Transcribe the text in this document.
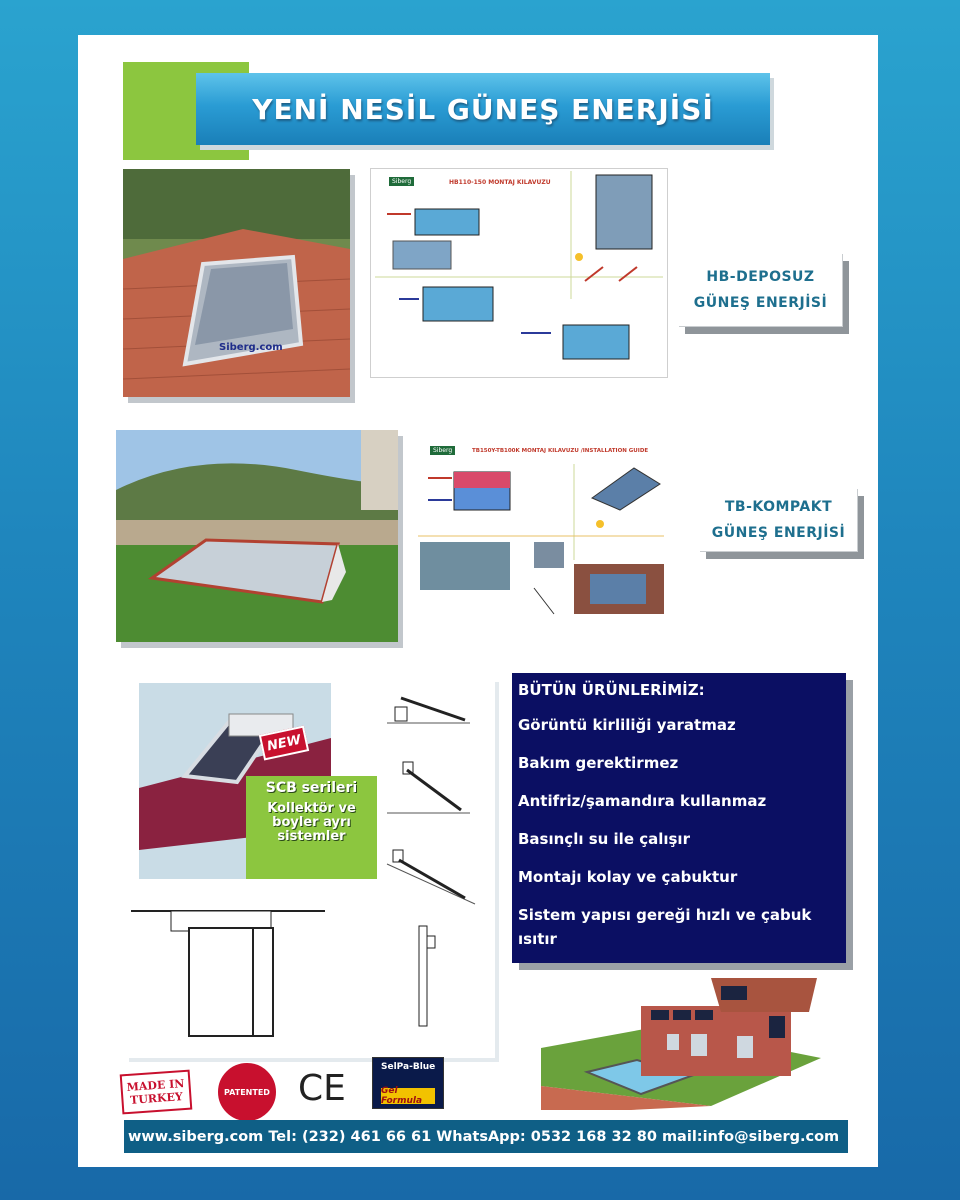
YENİ NESİL GÜNEŞ ENERJİSİ
Siberg.com
Siberg	HB110-150 MONTAJ KILAVUZU
HB-DEPOSUZ
GÜNEŞ ENERJİSİ
Siberg	TB150Y-TB100K MONTAJ KILAVUZU /INSTALLATION GUIDE
TB-KOMPAKT
GÜNEŞ ENERJİSİ
NEW
SCB serileri
Kollektör ve
boyler ayrı
sistemler
BÜTÜN ÜRÜNLERİMİZ:
Görüntü kirliliği yaratmaz
Bakım gerektirmez
Antifriz/şamandıra kullanmaz
Basınçlı su ile çalışır
Montajı kolay ve çabuktur
Sistem yapısı gereği hızlı ve çabuk ısıtır
MADE IN
TURKEY	PATENTED CE
SelPa-Blue
Gel Formula
www.siberg.com Tel: (232) 461 66 61 WhatsApp: 0532 168 32 80 mail:info@siberg.com
